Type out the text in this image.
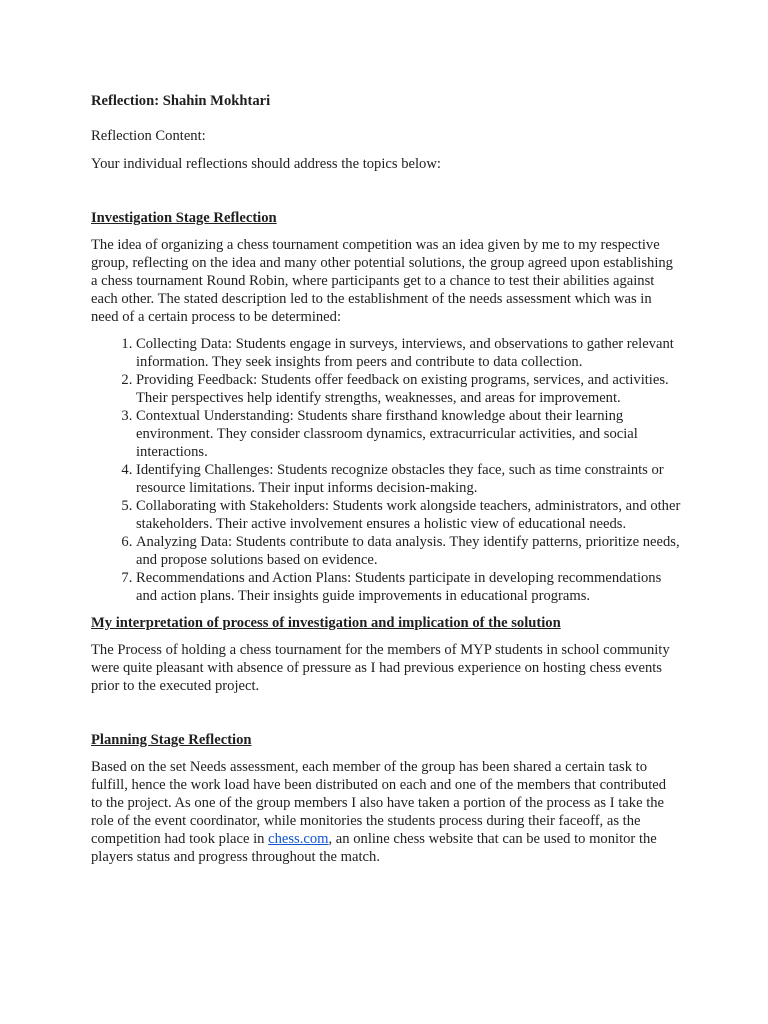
Reflection: Shahin Mokhtari

Reflection Content:

Your individual reflections should address the topics below:

Investigation Stage Reflection

The idea of organizing a chess tournament competition was an idea given by me to my respective group, reflecting on the idea and many other potential solutions, the group agreed upon establishing a chess tournament Round Robin, where participants get to a chance to test their abilities against each other. The stated description led to the establishment of the needs assessment which was in need of a certain process to be determined:

1. Collecting Data: Students engage in surveys, interviews, and observations to gather relevant information. They seek insights from peers and contribute to data collection.
2. Providing Feedback: Students offer feedback on existing programs, services, and activities. Their perspectives help identify strengths, weaknesses, and areas for improvement.
3. Contextual Understanding: Students share firsthand knowledge about their learning environment. They consider classroom dynamics, extracurricular activities, and social interactions.
4. Identifying Challenges: Students recognize obstacles they face, such as time constraints or resource limitations. Their input informs decision-making.
5. Collaborating with Stakeholders: Students work alongside teachers, administrators, and other stakeholders. Their active involvement ensures a holistic view of educational needs.
6. Analyzing Data: Students contribute to data analysis. They identify patterns, prioritize needs, and propose solutions based on evidence.
7. Recommendations and Action Plans: Students participate in developing recommendations and action plans. Their insights guide improvements in educational programs.

My interpretation of process of investigation and implication of the solution

The Process of holding a chess tournament for the members of MYP students in school community were quite pleasant with absence of pressure as I had previous experience on hosting chess events prior to the executed project.

Planning Stage Reflection

Based on the set Needs assessment, each member of the group has been shared a certain task to fulfill, hence the work load have been distributed on each and one of the members that contributed to the project. As one of the group members I also have taken a portion of the process as I take the role of the event coordinator, while monitories the students process during their faceoff, as the competition had took place in chess.com, an online chess website that can be used to monitor the players status and progress throughout the match.
